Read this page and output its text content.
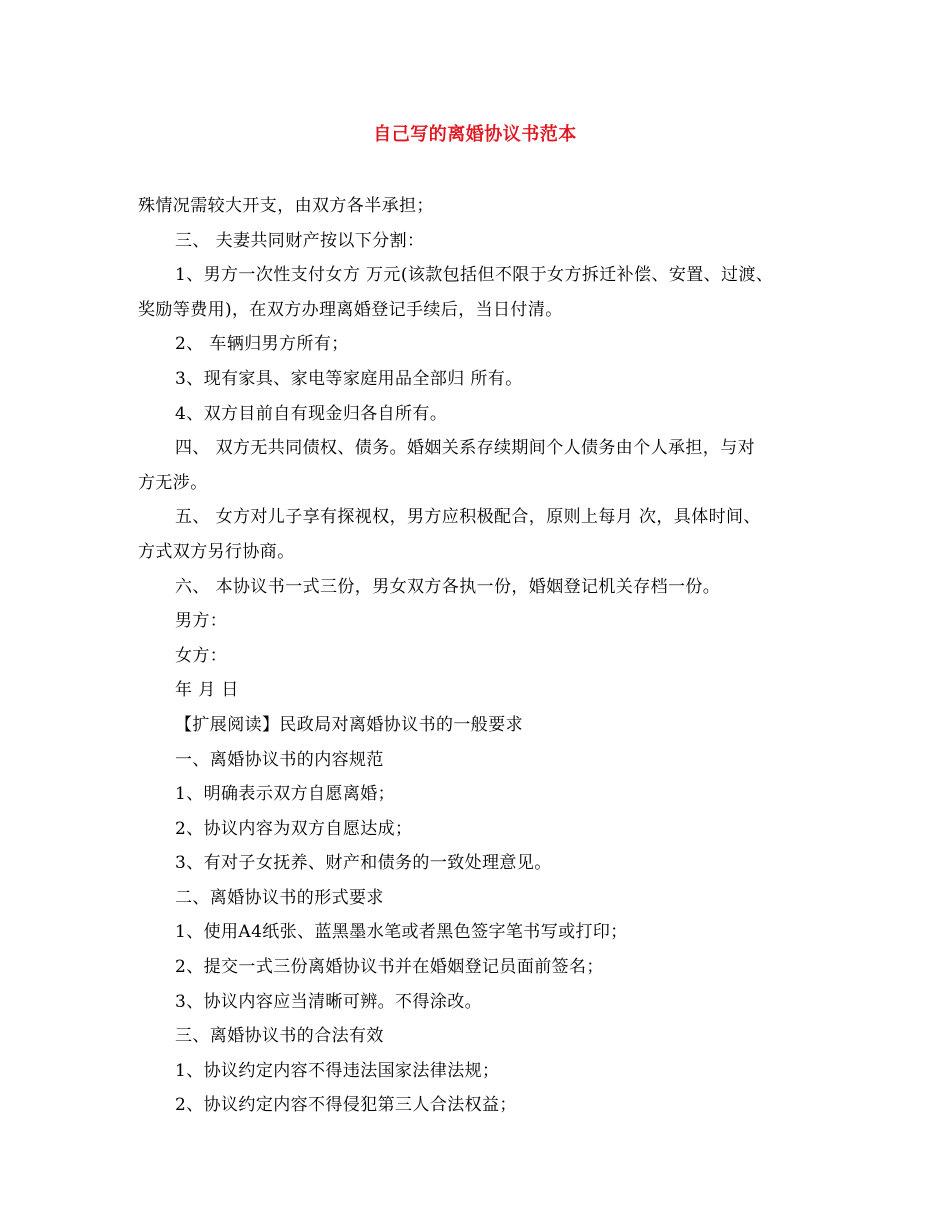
自己写的离婚协议书范本
殊情况需较大开支，由双方各半承担；
三、 夫妻共同财产按以下分割：
1、男方一次性支付女方 万元(该款包括但不限于女方拆迁补偿、安置、过渡、
奖励等费用)，在双方办理离婚登记手续后，当日付清。
2、 车辆归男方所有；
3、现有家具、家电等家庭用品全部归 所有。
4、双方目前自有现金归各自所有。
四、 双方无共同债权、债务。婚姻关系存续期间个人债务由个人承担，与对
方无涉。
五、 女方对儿子享有探视权，男方应积极配合，原则上每月 次，具体时间、
方式双方另行协商。
六、 本协议书一式三份，男女双方各执一份，婚姻登记机关存档一份。
男方：
女方：
年 月 日
【扩展阅读】民政局对离婚协议书的一般要求
一、离婚协议书的内容规范
1、明确表示双方自愿离婚；
2、协议内容为双方自愿达成；
3、有对子女抚养、财产和债务的一致处理意见。
二、离婚协议书的形式要求
1、使用A4纸张、蓝黑墨水笔或者黑色签字笔书写或打印；
2、提交一式三份离婚协议书并在婚姻登记员面前签名；
3、协议内容应当清晰可辨。不得涂改。
三、离婚协议书的合法有效
1、协议约定内容不得违法国家法律法规；
2、协议约定内容不得侵犯第三人合法权益；
